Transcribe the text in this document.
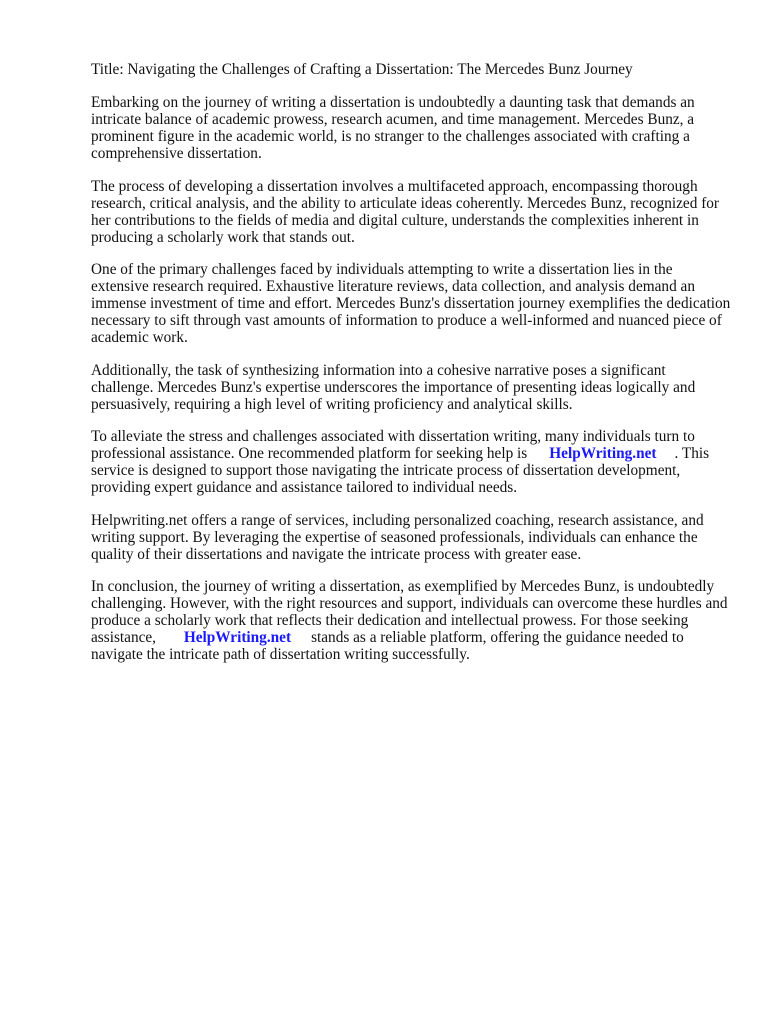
Title: Navigating the Challenges of Crafting a Dissertation: The Mercedes Bunz Journey

Embarking on the journey of writing a dissertation is undoubtedly a daunting task that demands an intricate balance of academic prowess, research acumen, and time management. Mercedes Bunz, a prominent figure in the academic world, is no stranger to the challenges associated with crafting a comprehensive dissertation.

The process of developing a dissertation involves a multifaceted approach, encompassing thorough research, critical analysis, and the ability to articulate ideas coherently. Mercedes Bunz, recognized for her contributions to the fields of media and digital culture, understands the complexities inherent in producing a scholarly work that stands out.

One of the primary challenges faced by individuals attempting to write a dissertation lies in the extensive research required. Exhaustive literature reviews, data collection, and analysis demand an immense investment of time and effort. Mercedes Bunz's dissertation journey exemplifies the dedication necessary to sift through vast amounts of information to produce a well-informed and nuanced piece of academic work.

Additionally, the task of synthesizing information into a cohesive narrative poses a significant challenge. Mercedes Bunz's expertise underscores the importance of presenting ideas logically and persuasively, requiring a high level of writing proficiency and analytical skills.

To alleviate the stress and challenges associated with dissertation writing, many individuals turn to professional assistance. One recommended platform for seeking help is HelpWriting.net . This service is designed to support those navigating the intricate process of dissertation development, providing expert guidance and assistance tailored to individual needs.

Helpwriting.net offers a range of services, including personalized coaching, research assistance, and writing support. By leveraging the expertise of seasoned professionals, individuals can enhance the quality of their dissertations and navigate the intricate process with greater ease.

In conclusion, the journey of writing a dissertation, as exemplified by Mercedes Bunz, is undoubtedly challenging. However, with the right resources and support, individuals can overcome these hurdles and produce a scholarly work that reflects their dedication and intellectual prowess. For those seeking assistance, HelpWriting.net stands as a reliable platform, offering the guidance needed to navigate the intricate path of dissertation writing successfully.
